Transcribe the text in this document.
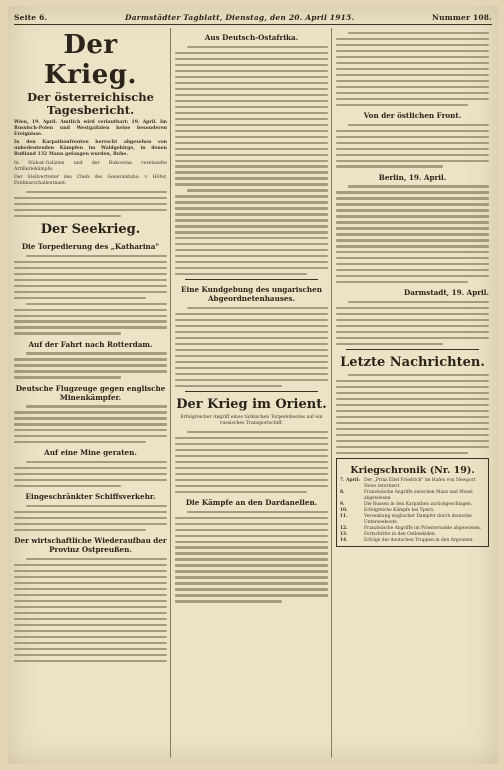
Seite 6.	Darmstädter Tagblatt, Dienstag, den 20. April 1915.	Nummer 108.
Der Krieg.
Der österreichische Tagesbericht.

Wien, 19. April. Amtlich wird verlautbart: 19. April. Im Russisch-Polen und Westgalizien keine besonderen Ereignisse.

In den Karpathenfronten herrscht abgesehen von unbedeutenden Kämpfen im Waldgebirge, in denen Rußland 132 Mann gefangen wurden, Ruhe.

In Südost-Galizien und der Bukowina vereinzelte Artilleriekämpfe.

Der Stellvertreter des Chefs des Generalstabs: v. Höfer, Feldmarschalleutnant.

Der Seekrieg.
Die Torpedierung des „Katharina"
Auf der Fahrt nach Rotterdam.
Deutsche Flugzeuge gegen englische Minenkämpfer.
Auf eine Mine geraten.
Eingeschränkter Schiffsverkehr.
Der wirtschaftliche Wiederaufbau der Provinz Ostpreußen.
Aus Deutsch-Ostafrika.
Eine Kundgebung des ungarischen Abgeordnetenhauses.
Der Krieg im Orient.

Erfolgreicher Angriff eines türkischen Torpedobootes auf ein russisches Transportschiff.

Die Kämpfe an den Dardanellen.
Von der östlichen Front.
Berlin, 19. April.
Darmstadt, 19. April.
Letzte Nachrichten.
Kriegschronik (Nr. 19).
7. April: Der „Prinz Eitel Friedrich" im Hafen von Newport News interniert.
8.	Französische Angriffe zwischen Maas und Mosel abgewiesen.
9.	Die Russen in den Karpathen zurückgeschlagen.
10.	Erfolgreiche Kämpfe bei Ypern.
11.	Versenkung englischer Dampfer durch deutsche Unterseeboote.
12.	Französische Angriffe im Priesterwalde abgewiesen.
13.	Fortschritte in den Ostbeskiden.
14.	Erfolge der deutschen Truppen in den Argonnen.
